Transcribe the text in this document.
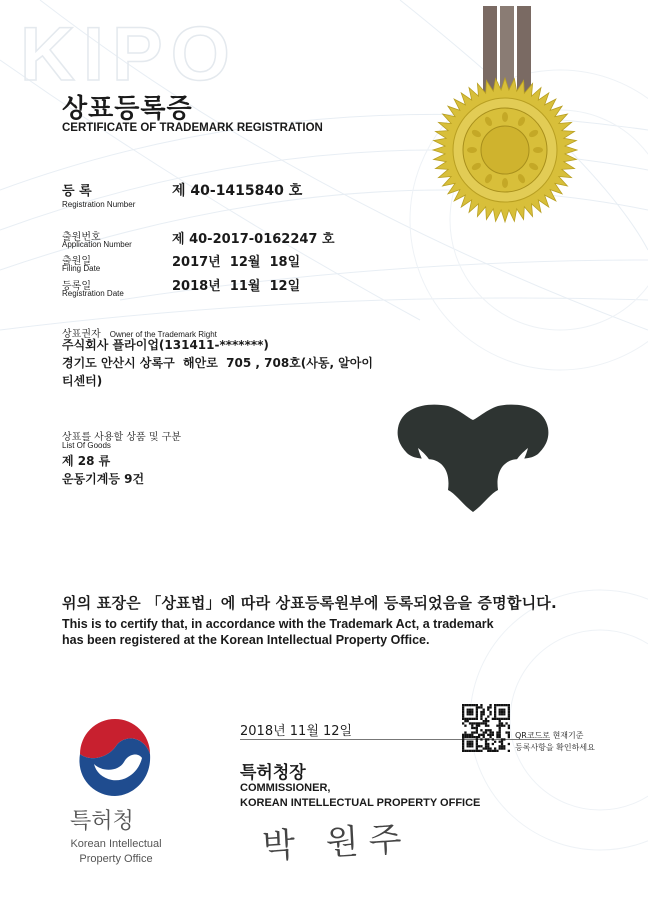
KIPO
상표등록증
CERTIFICATE OF TRADEMARK REGISTRATION
등 록
Registration Number
제 40-1415840 호
출원번호
Application Number	제 40-2017-0162247 호
출원일
Filing Date	2017년  12월  18일
등록일
Registration Date	2018년  11월  12일
상표권자 Owner of the Trademark Right
주식회사 플라이업(131411-*******)
경기도 안산시 상록구  해안로  705 , 708호(사동, 알아이
티센터)
상표를 사용할 상품 및 구분
List Of Goods
제 28 류
운동기계등 9건
위의 표장은 「상표법」에 따라 상표등록원부에 등록되었음을 증명합니다.
This is to certify that, in accordance with the Trademark Act, a trademark
has been registered at the Korean Intellectual Property Office.
2018년 11월 12일	QR코드로 현재기준
등록사항을 확인하세요
특허청장
COMMISSIONER,
KOREAN INTELLECTUAL PROPERTY OFFICE
박 원주
특허청
Korean Intellectual
Property Office
